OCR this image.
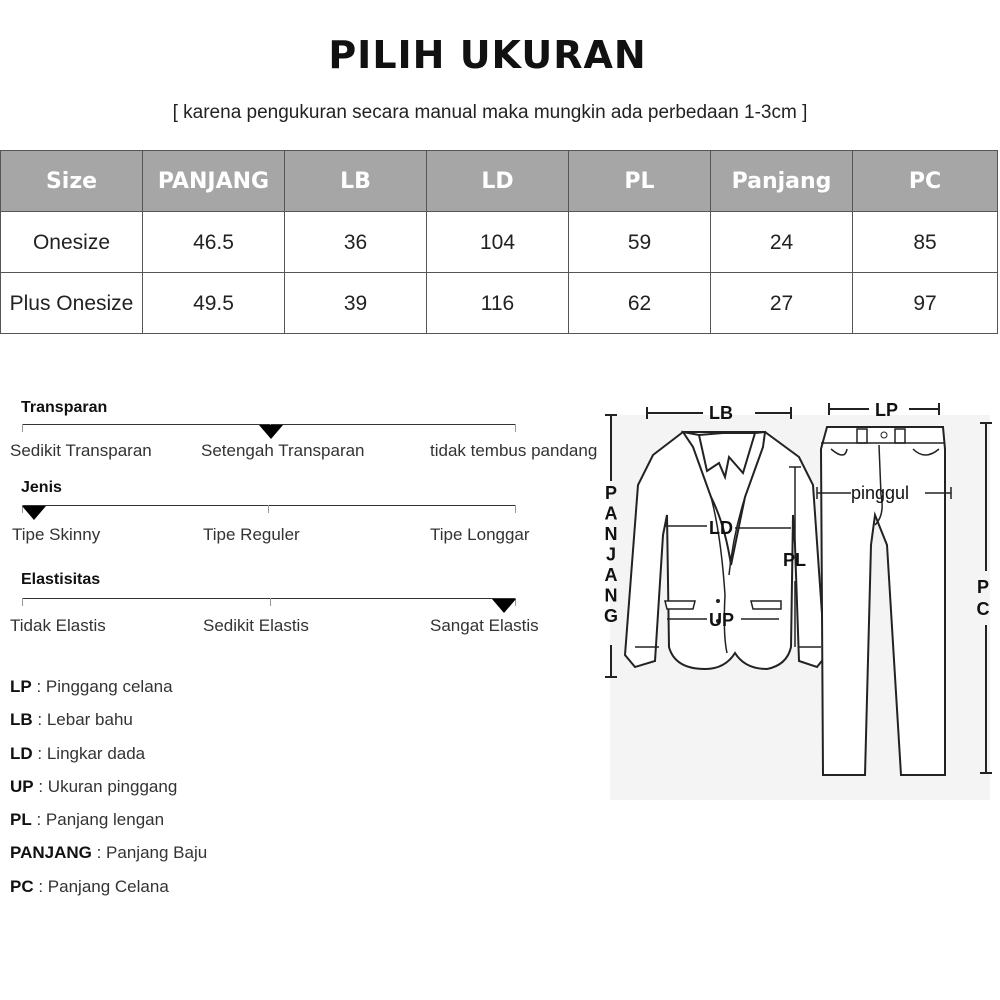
PILIH UKURAN
[ karena pengukuran secara manual maka mungkin ada perbedaan 1-3cm ]
Size	PANJANG	LB	LD	PL	Panjang	PC
Onesize	46.5	36	104	59	24	85
Plus Onesize	49.5	39	116	62	27	97
Transparan
Sedikit Transparan	Setengah Transparan	tidak tembus pandang
Jenis
Tipe Skinny	Tipe Reguler	Tipe Longgar
Elastisitas
Tidak Elastis	Sedikit Elastis	Sangat Elastis
LP : Pinggang celana
LB : Lebar bahu
LD : Lingkar dada
UP : Ukuran pinggang
PL : Panjang lengan
PANJANG : Panjang Baju
PC : Panjang Celana
LB
LD
UP
PL
P A N J A N G
LP
pinggul
P C
